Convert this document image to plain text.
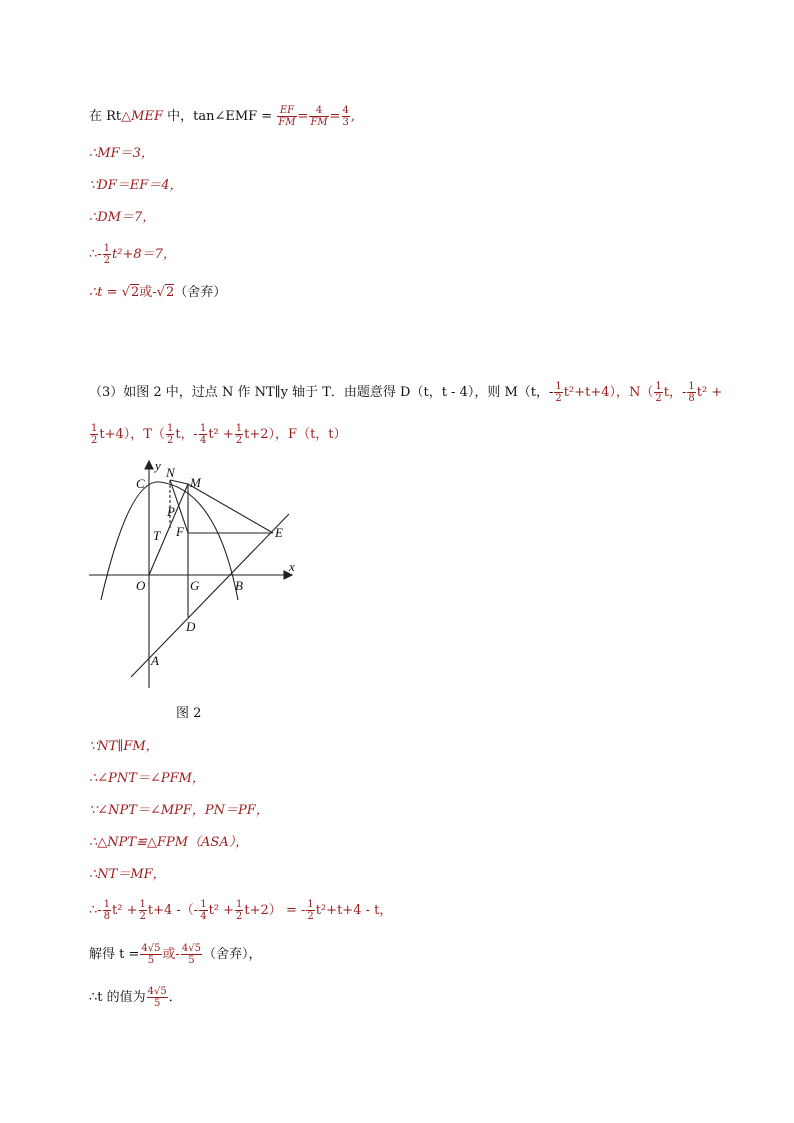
在 Rt△MEF 中，tan∠EMF = $\frac{EF}{FM} = \frac{4}{FM} = \frac{4}{3}$ ,
∴MF＝3，
∵DF＝EF＝4，
∴DM＝7，
∴- $\frac{1}{2} t^2+8=7$，
∴t = √2或-√2（舍弃）
（3）如图 2 中，过点 N 作 NT∥y 轴于 T．由题意得 D（t，t - 4），则 M（t，- $\frac{1}{2} t^2+t+4$），$N( \frac{1}{2}$ t，- $\frac{1}{8} t^2$ +
$\frac{1}{2} t+4$），$T( \frac{1}{2}$ t，- $\frac{1}{4} t^2 + \frac{1}{2} t+2$），F（t，t）
y N
M
C
P
T F	E
x
O	G	B
D
A
图 2
∵NT∥FM，
∴∠PNT＝∠PFM，
∵∠NPT＝∠MPF，PN＝PF，
∴△NPT≌△FPM（ASA），
∴NT＝MF，
∴- $\frac{1}{8} t^2 + \frac{1}{2} t+4$ -（- $\frac{1}{4} t^2 + \frac{1}{2} t+2$） = - $\frac{1}{2} t^2+t+4 - t$，
解得 $t = \frac{4√5}{5}$ 或- $\frac{4√5}{5}$ （舍弃），
∴t 的值为 $\frac{4√5}{5}$ ．
